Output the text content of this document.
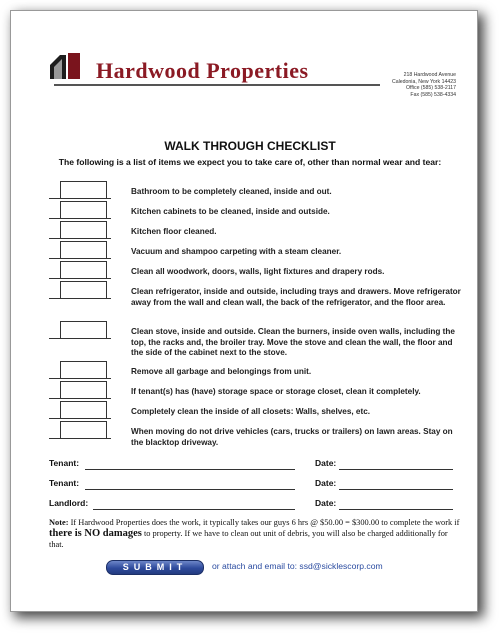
Hardwood Properties	218 Hardwood Avenue
Caledonia, New York 14423
Office (585) 538-2117
Fax (585) 538-4334
WALK THROUGH CHECKLIST
The following is a list of items we expect you to take care of, other than normal wear and tear:
Bathroom to be completely cleaned, inside and out.
Kitchen cabinets to be cleaned, inside and outside.
Kitchen floor cleaned.
Vacuum and shampoo carpeting with a steam cleaner.
Clean all woodwork, doors, walls, light fixtures and drapery rods.
Clean refrigerator, inside and outside, including trays and drawers. Move refrigerator away from the wall and clean wall, the back of the refrigerator, and the floor area.
Clean stove, inside and outside. Clean the burners, inside oven walls, including the top, the racks and, the broiler tray. Move the stove and clean the wall, the floor and the side of the cabinet next to the stove.
Remove all garbage and belongings from unit.
If tenant(s) has (have) storage space or storage closet, clean it completely.
Completely clean the inside of all closets: Walls, shelves, etc.
When moving do not drive vehicles (cars, trucks or trailers) on lawn areas. Stay on the blacktop driveway.
Tenant:	Date:
Tenant:	Date:
Landlord:	Date:
Note: If Hardwood Properties does the work, it typically takes our guys 6 hrs @ $50.00 = $300.00 to complete the work if there is NO damages to property. If we have to clean out unit of debris, you will also be charged additionally for that.
SUBMIT	or attach and email to: ssd@sicklescorp.com
